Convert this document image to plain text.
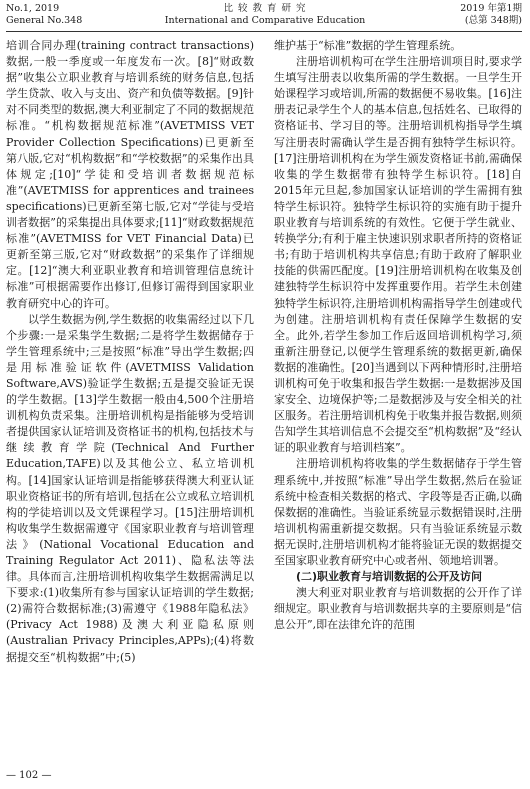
No.1, 2019
General No.348
比 较 教 育 研 究
International and Comparative Education
2019 年第1期
(总第 348期)

培训合同办理(training contract transactions)数据,一般一季度或一年度发布一次。[8]“财政数据”收集公立职业教育与培训系统的财务信息,包括学生贷款、收入与支出、资产和负债等数据。[9]针对不同类型的数据,澳大利亚制定了不同的数据规范标准。“机构数据规范标准”(AVETMISS VET Provider Collection Specifications)已更新至第八版,它对“机构数据”和“学校数据”的采集作出具体规定;[10]“学徒和受培训者数据规范标准”(AVETMISS for apprentices and trainees specifications)已更新至第七版,它对“学徒与受培训者数据”的采集提出具体要求;[11]“财政数据规范标准”(AVETMISS for VET Financial Data)已更新至第三版,它对“财政数据”的采集作了详细规定。[12]“澳大利亚职业教育和培训管理信息统计标准”可根据需要作出修订,但修订需得到国家职业教育研究中心的许可。

以学生数据为例,学生数据的收集需经过以下几个步骤:一是采集学生数据;二是将学生数据储存于学生管理系统中;三是按照“标准”导出学生数据;四是用标准验证软件(AVETMISS Validation Software,AVS)验证学生数据;五是提交验证无误的学生数据。[13]学生数据一般由4,500个注册培训机构负责采集。注册培训机构是指能够为受培训者提供国家认证培训及资格证书的机构,包括技术与继续教育学院(Technical And Further Education,TAFE)以及其他公立、私立培训机构。[14]国家认证培训是指能够获得澳大利亚认证职业资格证书的所有培训,包括在公立或私立培训机构的学徒培训以及文凭课程学习。[15]注册培训机构收集学生数据需遵守《国家职业教育与培训管理法》(National Vocational Education and Training Regulator Act 2011)、隐私法等法律。具体而言,注册培训机构收集学生数据需满足以下要求:(1)收集所有参与国家认证培训的学生数据;(2)需符合数据标准;(3)需遵守《1988年隐私法》(Privacy Act 1988)及澳大利亚隐私原则(Australian Privacy Principles,APPs);(4)将数据提交至“机构数据”中;(5)

维护基于“标准”数据的学生管理系统。

注册培训机构可在学生注册培训项目时,要求学生填写注册表以收集所需的学生数据。一旦学生开始课程学习或培训,所需的数据便不易收集。[16]注册表记录学生个人的基本信息,包括姓名、已取得的资格证书、学习目的等。注册培训机构指导学生填写注册表时需确认学生是否拥有独特学生标识符。[17]注册培训机构在为学生颁发资格证书前,需确保收集的学生数据带有独特学生标识符。[18]自2015年元旦起,参加国家认证培训的学生需拥有独特学生标识符。独特学生标识符的实施有助于提升职业教育与培训系统的有效性。它便于学生就业、转换学分;有利于雇主快速识别求职者所持的资格证书;有助于培训机构共享信息;有助于政府了解职业技能的供需匹配度。[19]注册培训机构在收集及创建独特学生标识符中发挥重要作用。若学生未创建独特学生标识符,注册培训机构需指导学生创建或代为创建。注册培训机构有责任保障学生数据的安全。此外,若学生参加工作后返回培训机构学习,须重新注册登记,以便学生管理系统的数据更新,确保数据的准确性。[20]当遇到以下两种情形时,注册培训机构可免于收集和报告学生数据:一是数据涉及国家安全、边境保护等;二是数据涉及与安全相关的社区服务。若注册培训机构免于收集并报告数据,则须告知学生其培训信息不会提交至“机构数据”及“经认证的职业教育与培训档案”。

注册培训机构将收集的学生数据储存于学生管理系统中,并按照“标准”导出学生数据,然后在验证系统中检查相关数据的格式、字段等是否正确,以确保数据的准确性。当验证系统显示数据错误时,注册培训机构需重新提交数据。只有当验证系统显示数据无误时,注册培训机构才能将验证无误的数据提交至国家职业教育研究中心或者州、领地培训署。

(二)职业教育与培训数据的公开及访问

澳大利亚对职业教育与培训数据的公开作了详细规定。职业教育与培训数据共享的主要原则是“信息公开”,即在法律允许的范围

— 102 —
